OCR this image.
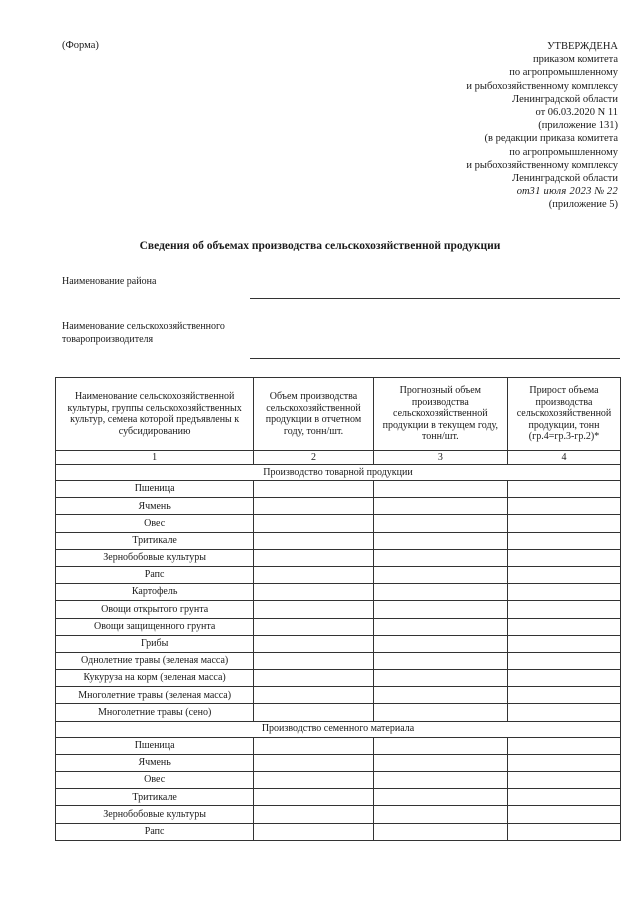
(Форма)	УТВЕРЖДЕНА
приказом комитета
по агропромышленному
и рыбохозяйственному комплексу
Ленинградской области
от 06.03.2020 N 11
(приложение 131)
(в редакции приказа комитета
по агропромышленному
и рыбохозяйственному комплексу
Ленинградской области
от31 июля 2023 № 22
(приложение 5)
Сведения об объемах производства сельскохозяйственной продукции
Наименование района
Наименование сельскохозяйственного товаропроизводителя
Наименование сельскохозяйственной культуры, группы сельскохозяйственных культур, семена которой предъявлены к субсидированию	Объем производства сельскохозяйственной продукции в отчетном году, тонн/шт.	Прогнозный объем производства сельскохозяйственной продукции в текущем году, тонн/шт.	Прирост объема производства сельскохозяйственной продукции, тонн (гр.4=гр.3-гр.2)*
1	2	3	4
Производство товарной продукции			
Пшеница			
Ячмень			
Овес			
Тритикале			
Зернобобовые культуры			
Рапс			
Картофель			
Овощи открытого грунта			
Овощи защищенного грунта			
Грибы			
Однолетние травы (зеленая масса)			
Кукуруза на корм (зеленая масса)			
Многолетние травы (зеленая масса)			
Многолетние травы (сено)			
Производство семенного материала			
Пшеница			
Ячмень			
Овес			
Тритикале			
Зернобобовые культуры			
Рапс			
